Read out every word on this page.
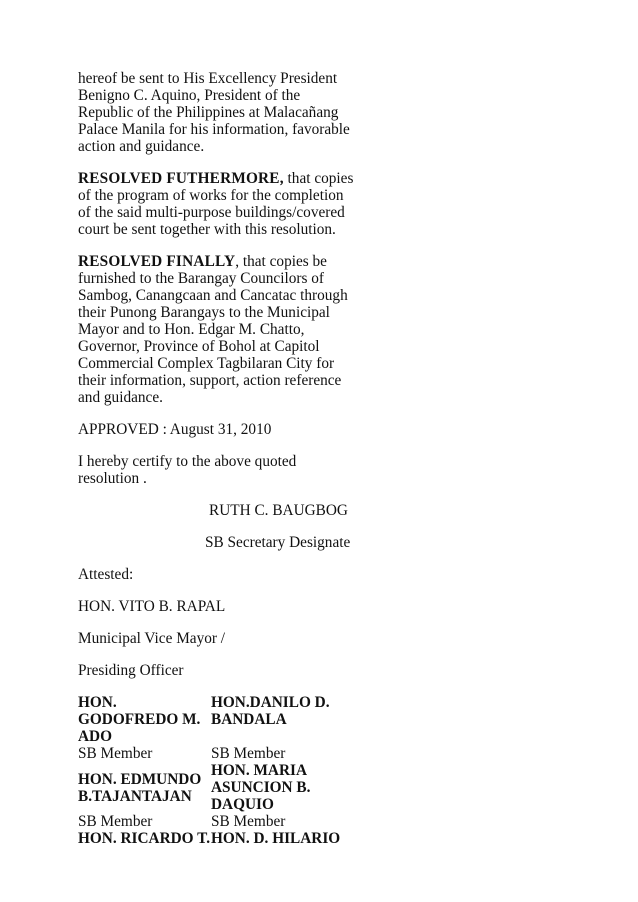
hereof be sent to His Excellency President Benigno C. Aquino, President of the Republic of the Philippines at Malacañang Palace Manila for his information, favorable action and guidance.

RESOLVED FUTHERMORE, that copies of the program of works for the completion of the said multi-purpose buildings/covered court be sent together with this resolution.

RESOLVED FINALLY, that copies be furnished to the Barangay Councilors of Sambog, Canangcaan and Cancatac through their Punong Barangays to the Municipal Mayor and to Hon. Edgar M. Chatto, Governor, Province of Bohol at Capitol Commercial Complex Tagbilaran City for their information, support, action reference and guidance.

APPROVED : August 31, 2010

I hereby certify to the above quoted resolution .

RUTH C. BAUGBOG

SB Secretary Designate

Attested:

HON. VITO B. RAPAL

Municipal Vice Mayor /

Presiding Officer

HON. GODOFREDO M. ADO	HON.DANILO D. BANDALA
SB Member	SB Member
HON. EDMUNDO B.TAJANTAJAN	HON. MARIA ASUNCION B. DAQUIO
SB Member	SB Member
HON. RICARDO T.	HON. D. HILARIO
